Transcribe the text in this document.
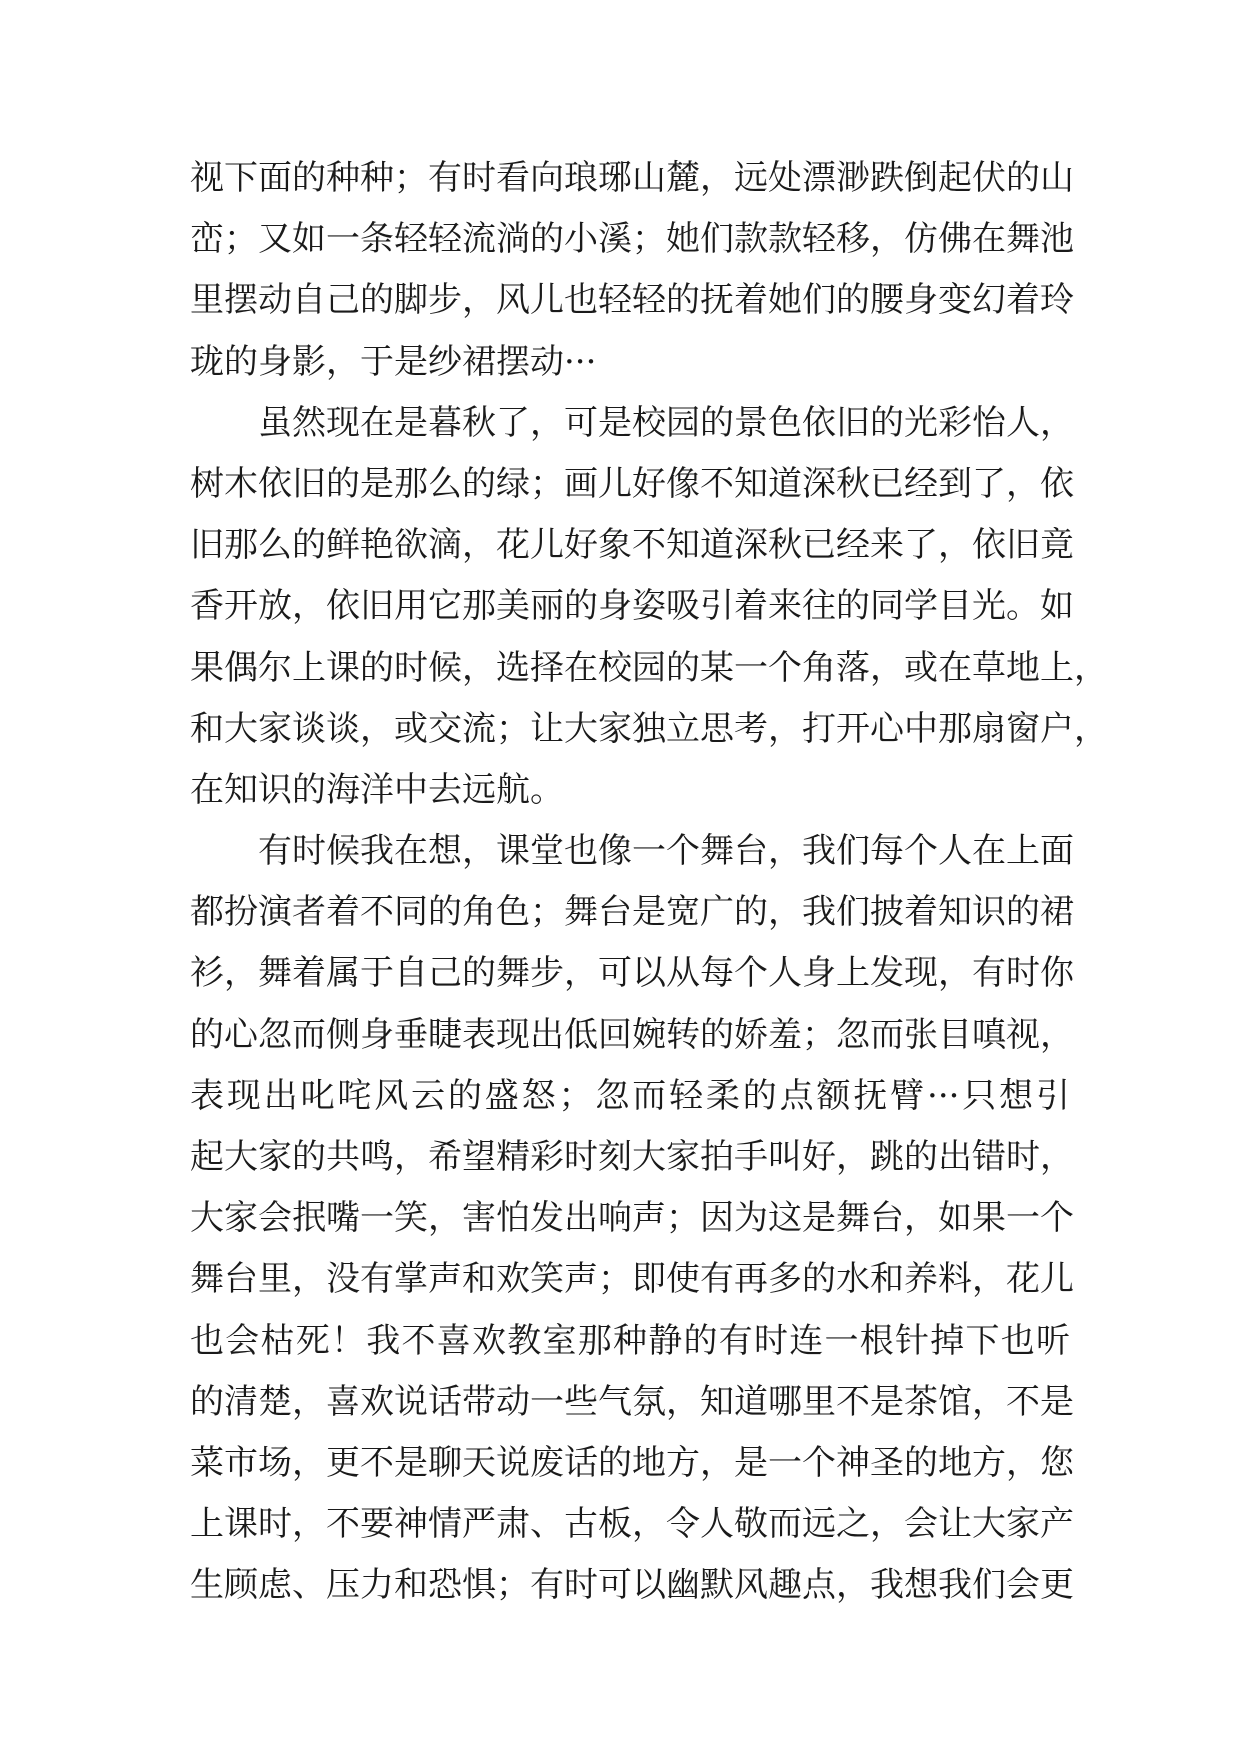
视下面的种种；有时看向琅琊山麓，远处漂渺跌倒起伏的山
峦；又如一条轻轻流淌的小溪；她们款款轻移，仿佛在舞池
里摆动自己的脚步，风儿也轻轻的抚着她们的腰身变幻着玲
珑的身影，于是纱裙摆动···
虽然现在是暮秋了，可是校园的景色依旧的光彩怡人，
树木依旧的是那么的绿；画儿好像不知道深秋已经到了，依
旧那么的鲜艳欲滴，花儿好象不知道深秋已经来了，依旧竟
香开放，依旧用它那美丽的身姿吸引着来往的同学目光。如
果偶尔上课的时候，选择在校园的某一个角落，或在草地上，
和大家谈谈，或交流；让大家独立思考，打开心中那扇窗户，
在知识的海洋中去远航。
有时候我在想，课堂也像一个舞台，我们每个人在上面
都扮演者着不同的角色；舞台是宽广的，我们披着知识的裙
衫，舞着属于自己的舞步，可以从每个人身上发现，有时你
的心忽而侧身垂睫表现出低回婉转的娇羞；忽而张目嗔视，
表现出叱咤风云的盛怒；忽而轻柔的点额抚臂···只想引
起大家的共鸣，希望精彩时刻大家拍手叫好，跳的出错时，
大家会抿嘴一笑，害怕发出响声；因为这是舞台，如果一个
舞台里，没有掌声和欢笑声；即使有再多的水和养料，花儿
也会枯死！我不喜欢教室那种静的有时连一根针掉下也听
的清楚，喜欢说话带动一些气氛，知道哪里不是茶馆，不是
菜市场，更不是聊天说废话的地方，是一个神圣的地方，您
上课时，不要神情严肃、古板，令人敬而远之，会让大家产
生顾虑、压力和恐惧；有时可以幽默风趣点，我想我们会更
